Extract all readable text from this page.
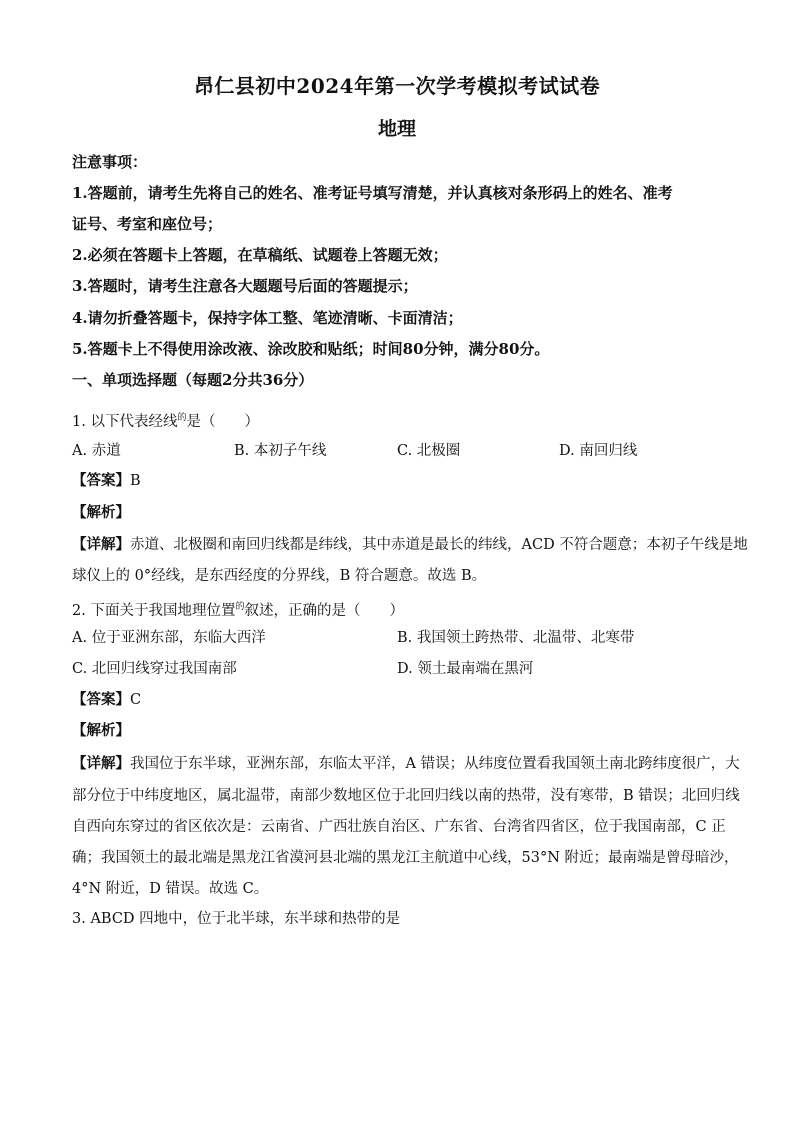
昂仁县初中2024年第一次学考模拟考试试卷
地理
注意事项：
1.答题前，请考生先将自己的姓名、准考证号填写清楚，并认真核对条形码上的姓名、准考
证号、考室和座位号；
2.必须在答题卡上答题，在草稿纸、试题卷上答题无效；
3.答题时，请考生注意各大题题号后面的答题提示；
4.请勿折叠答题卡，保持字体工整、笔迹清晰、卡面清洁；
5.答题卡上不得使用涂改液、涂改胶和贴纸；时间80分钟，满分80分。
一、单项选择题（每题2分共36分）
1. 以下代表经线$^的$是（　　）
A. 赤道	B. 本初子午线	C. 北极圈	D. 南回归线
【答案】B
【解析】
【详解】赤道、北极圈和南回归线都是纬线，其中赤道是最长的纬线，ACD 不符合题意；本初子午线是地
球仪上的 0°经线，是东西经度的分界线，B 符合题意。故选 B。
2. 下面关于我国地理位置$^的$叙述，正确的是（　　）
A. 位于亚洲东部，东临大西洋	B. 我国领土跨热带、北温带、北寒带
C. 北回归线穿过我国南部	D. 领土最南端在黑河
【答案】C
【解析】
【详解】我国位于东半球，亚洲东部，东临太平洋，A 错误；从纬度位置看我国领土南北跨纬度很广，大
部分位于中纬度地区，属北温带，南部少数地区位于北回归线以南的热带，没有寒带，B 错误；北回归线
自西向东穿过的省区依次是：云南省、广西壮族自治区、广东省、台湾省四省区，位于我国南部，C 正
确；我国领土的最北端是黑龙江省漠河县北端的黑龙江主航道中心线，53°N 附近；最南端是曾母暗沙，
4°N 附近，D 错误。故选 C。
3. ABCD 四地中，位于北半球，东半球和热带的是
